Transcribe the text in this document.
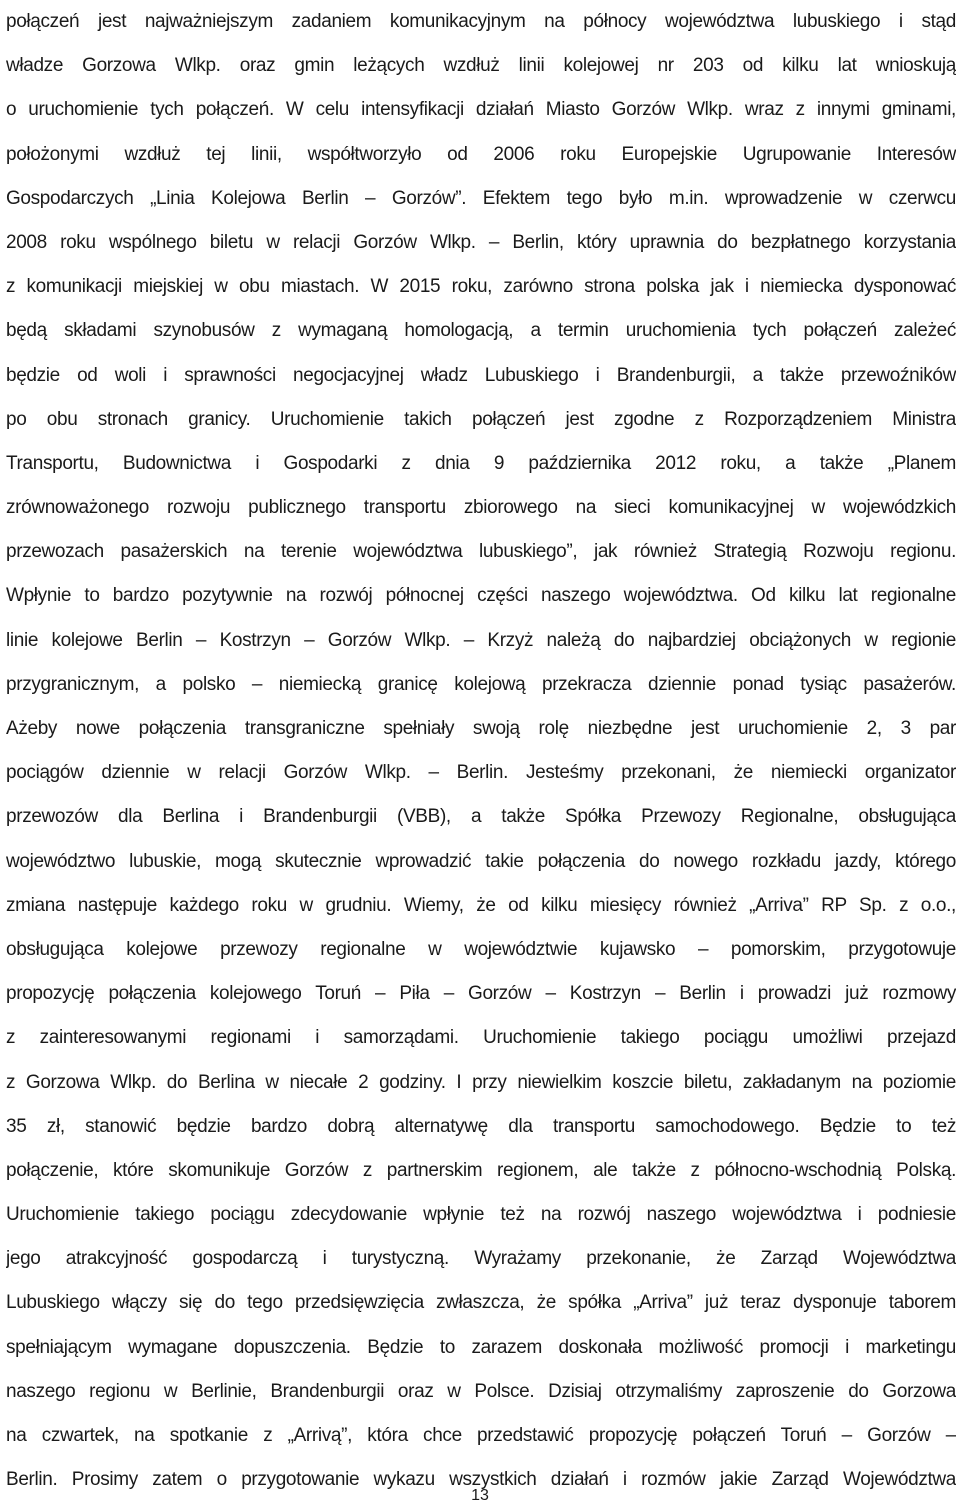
połączeń jest najważniejszym zadaniem komunikacyjnym na północy województwa lubuskiego i stąd
władze Gorzowa Wlkp. oraz gmin leżących wzdłuż linii kolejowej nr 203 od kilku lat wnioskują
o uruchomienie tych połączeń. W celu intensyfikacji działań Miasto Gorzów Wlkp. wraz z innymi gminami,
położonymi wzdłuż tej linii, współtworzyło od 2006 roku Europejskie Ugrupowanie Interesów
Gospodarczych „Linia Kolejowa Berlin – Gorzów”. Efektem tego było m.in. wprowadzenie w czerwcu
2008 roku wspólnego biletu w relacji Gorzów Wlkp. – Berlin, który uprawnia do bezpłatnego korzystania
z komunikacji miejskiej w obu miastach. W 2015 roku, zarówno strona polska jak i niemiecka dysponować
będą składami szynobusów z wymaganą homologacją, a termin uruchomienia tych połączeń zależeć
będzie od woli i sprawności negocjacyjnej władz Lubuskiego i Brandenburgii, a także przewoźników
po obu stronach granicy. Uruchomienie takich połączeń jest zgodne z Rozporządzeniem Ministra
Transportu, Budownictwa i Gospodarki z dnia 9 października 2012 roku, a także „Planem
zrównoważonego rozwoju publicznego transportu zbiorowego na sieci komunikacyjnej w wojewódzkich
przewozach pasażerskich na terenie województwa lubuskiego”, jak również Strategią Rozwoju regionu.
Wpłynie to bardzo pozytywnie na rozwój północnej części naszego województwa. Od kilku lat regionalne
linie kolejowe Berlin – Kostrzyn – Gorzów Wlkp. – Krzyż należą do najbardziej obciążonych w regionie
przygranicznym, a polsko – niemiecką granicę kolejową przekracza dziennie ponad tysiąc pasażerów.
Ażeby nowe połączenia transgraniczne spełniały swoją rolę niezbędne jest uruchomienie 2, 3 par
pociągów dziennie w relacji Gorzów Wlkp. – Berlin. Jesteśmy przekonani, że niemiecki organizator
przewozów dla Berlina i Brandenburgii (VBB), a także Spółka Przewozy Regionalne, obsługująca
województwo lubuskie, mogą skutecznie wprowadzić takie połączenia do nowego rozkładu jazdy, którego
zmiana następuje każdego roku w grudniu. Wiemy, że od kilku miesięcy również „Arriva” RP Sp. z o.o.,
obsługująca kolejowe przewozy regionalne w województwie kujawsko – pomorskim, przygotowuje
propozycję połączenia kolejowego Toruń – Piła – Gorzów – Kostrzyn – Berlin i prowadzi już rozmowy
z zainteresowanymi regionami i samorządami. Uruchomienie takiego pociągu umożliwi przejazd
z Gorzowa Wlkp. do Berlina w niecałe 2 godziny. I przy niewielkim koszcie biletu, zakładanym na poziomie
35 zł, stanowić będzie bardzo dobrą alternatywę dla transportu samochodowego. Będzie to też
połączenie, które skomunikuje Gorzów z partnerskim regionem, ale także z północno-wschodnią Polską.
Uruchomienie takiego pociągu zdecydowanie wpłynie też na rozwój naszego województwa i podniesie
jego atrakcyjność gospodarczą i turystyczną. Wyrażamy przekonanie, że Zarząd Województwa
Lubuskiego włączy się do tego przedsięwzięcia zwłaszcza, że spółka „Arriva” już teraz dysponuje taborem
spełniającym wymagane dopuszczenia. Będzie to zarazem doskonała możliwość promocji i marketingu
naszego regionu w Berlinie, Brandenburgii oraz w Polsce. Dzisiaj otrzymaliśmy zaproszenie do Gorzowa
na czwartek, na spotkanie z „Arrivą”, która chce przedstawić propozycję połączeń Toruń – Gorzów –
Berlin. Prosimy zatem o przygotowanie wykazu wszystkich działań i rozmów jakie Zarząd Województwa
13
